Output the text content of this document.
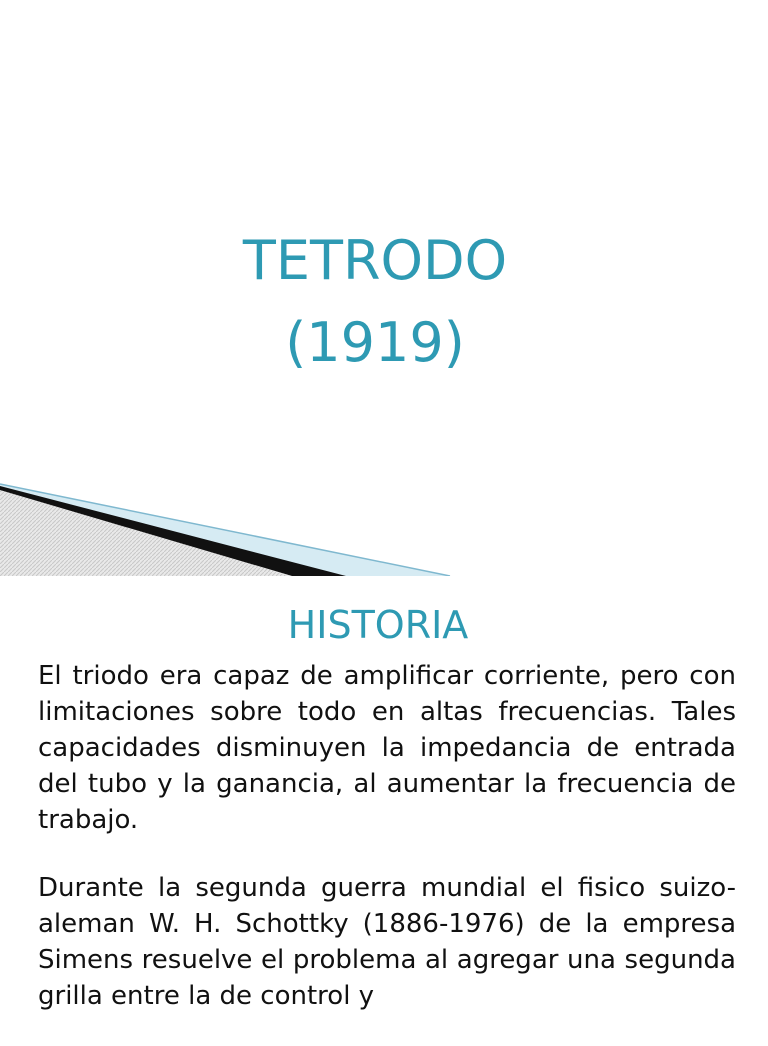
TETRODO
(1919)
HISTORIA

El triodo era capaz de amplificar corriente, pero con limitaciones sobre todo en altas frecuencias. Tales capacidades disminuyen la impedancia de entrada del tubo y la ganancia, al aumentar la frecuencia de trabajo.

Durante la segunda guerra mundial el fisico suizo-aleman W. H. Schottky (1886-1976) de la empresa Simens resuelve el problema al agregar una segunda grilla entre la de control y
